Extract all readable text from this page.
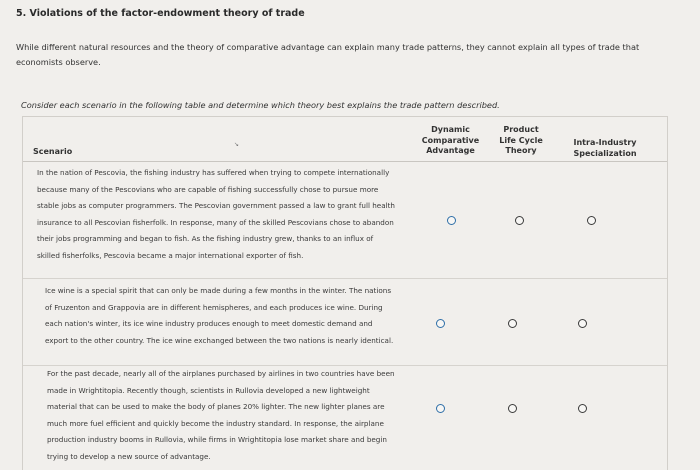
5. Violations of the factor-endowment theory of trade
While different natural resources and the theory of comparative advantage can explain many trade patterns, they cannot explain all types of trade that economists observe.
Consider each scenario in the following table and determine which theory best explains the trade pattern described.
Scenario
↘
Dynamic
Comparative
Advantage
Product
Life Cycle
Theory
Intra-Industry
Specialization
In the nation of Pescovia, the fishing industry has suffered when trying to compete internationally because many of the Pescovians who are capable of fishing successfully chose to pursue more stable jobs as computer programmers. The Pescovian government passed a law to grant full health insurance to all Pescovian fisherfolk. In response, many of the skilled Pescovians chose to abandon their jobs programming and began to fish. As the fishing industry grew, thanks to an influx of skilled fisherfolks, Pescovia became a major international exporter of fish.
Ice wine is a special spirit that can only be made during a few months in the winter. The nations of Fruzenton and Grappovia are in different hemispheres, and each produces ice wine. During each nation's winter, its ice wine industry produces enough to meet domestic demand and export to the other country. The ice wine exchanged between the two nations is nearly identical.
For the past decade, nearly all of the airplanes purchased by airlines in two countries have been made in Wrightitopia. Recently though, scientists in Rullovia developed a new lightweight material that can be used to make the body of planes 20% lighter. The new lighter planes are much more fuel efficient and quickly become the industry standard. In response, the airplane production industry booms in Rullovia, while firms in Wrightitopia lose market share and begin trying to develop a new source of advantage.
